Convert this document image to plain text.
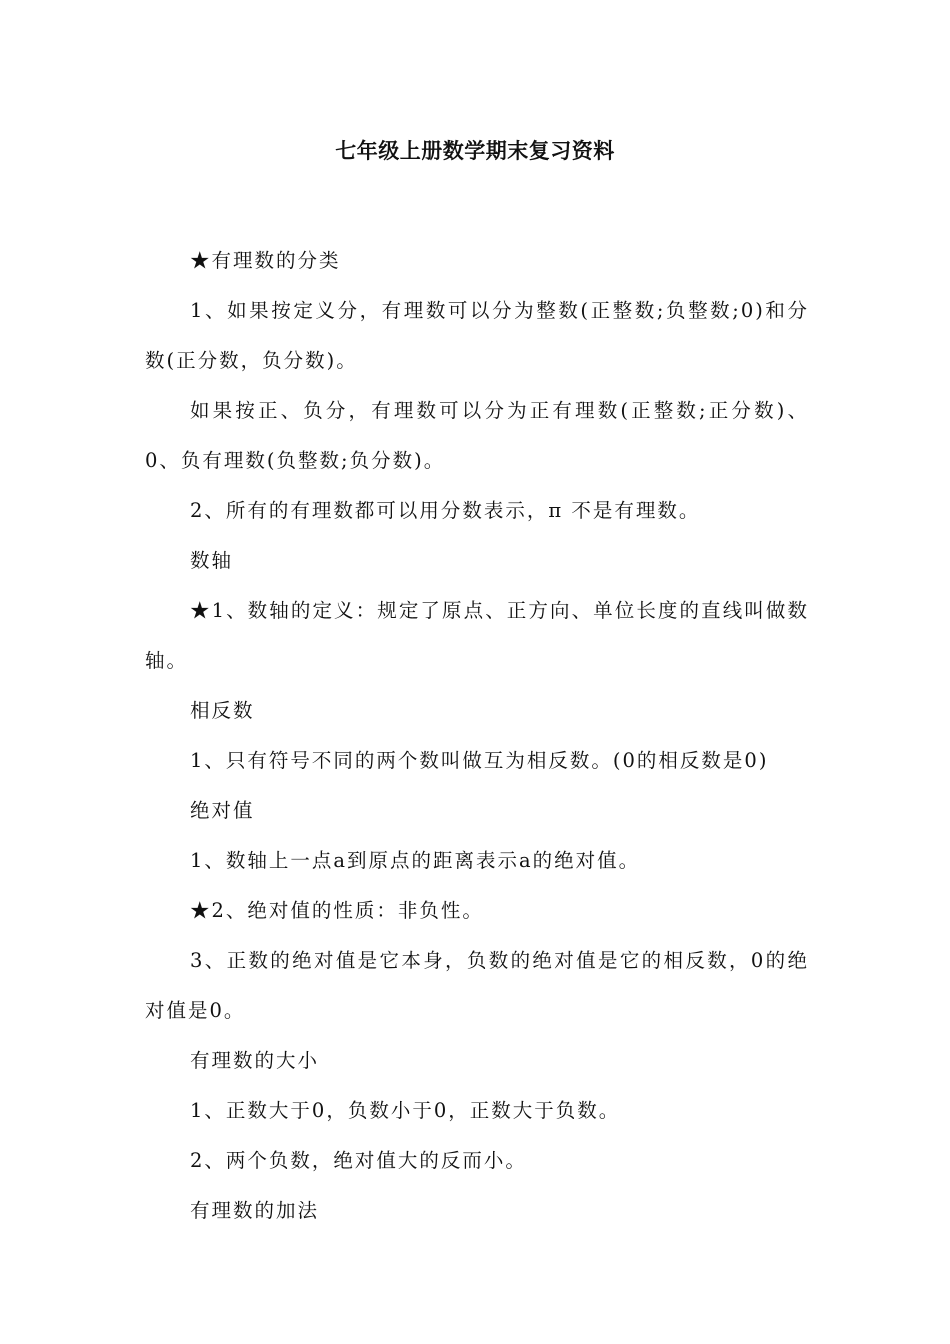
七年级上册数学期末复习资料

★有理数的分类

1、如果按定义分，有理数可以分为整数(正整数;负整数;0)和分数(正分数，负分数)。

如果按正、负分，有理数可以分为正有理数(正整数;正分数)、0、负有理数(负整数;负分数)。

2、所有的有理数都可以用分数表示，π 不是有理数。

数轴

★1、数轴的定义：规定了原点、正方向、单位长度的直线叫做数轴。

相反数

1、只有符号不同的两个数叫做互为相反数。(0的相反数是0)

绝对值

1、数轴上一点a到原点的距离表示a的绝对值。

★2、绝对值的性质：非负性。

3、正数的绝对值是它本身，负数的绝对值是它的相反数，0的绝对值是0。

有理数的大小

1、正数大于0，负数小于0，正数大于负数。

2、两个负数，绝对值大的反而小。

有理数的加法
